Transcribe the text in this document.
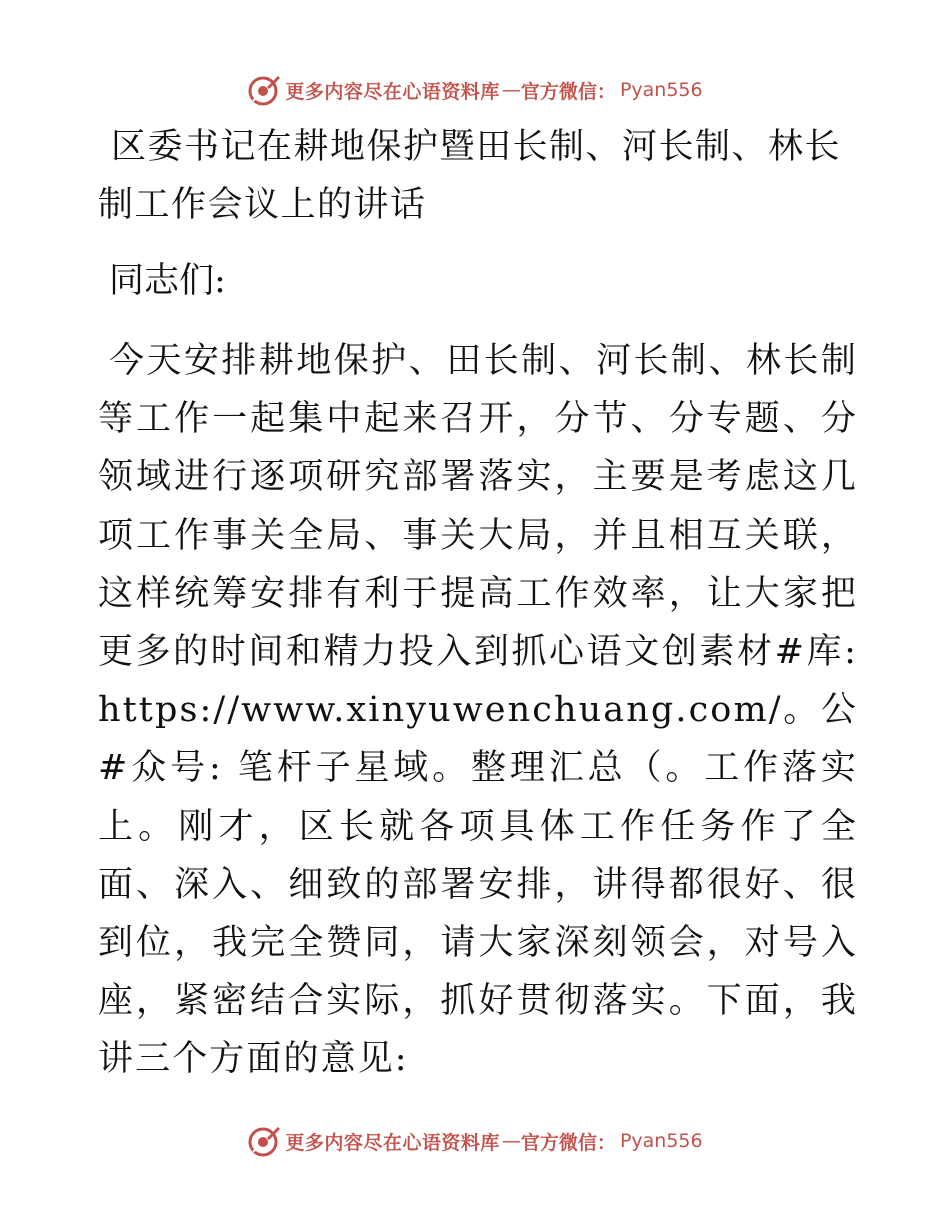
更多内容尽在心语资料库 — 官方微信： Pyan556
区委书记在耕地保护暨田长制、河长制、林长制工作会议上的讲话

同志们:

今天安排耕地保护、田长制、河长制、林长制等工作一起集中起来召开，分节、分专题、分领域进行逐项研究部署落实，主要是考虑这几项工作事关全局、事关大局，并且相互关联，这样统筹安排有利于提高工作效率，让大家把更多的时间和精力投入到抓心语文创素材#库: https://www.xinyuwenchuang.com/。公#众号: 笔杆子星域。整理汇总（。工作落实上。刚才，区长就各项具体工作任务作了全面、深入、细致的部署安排，讲得都很好、很到位，我完全赞同，请大家深刻领会，对号入座，紧密结合实际，抓好贯彻落实。下面，我讲三个方面的意见:

更多内容尽在心语资料库 — 官方微信： Pyan556
